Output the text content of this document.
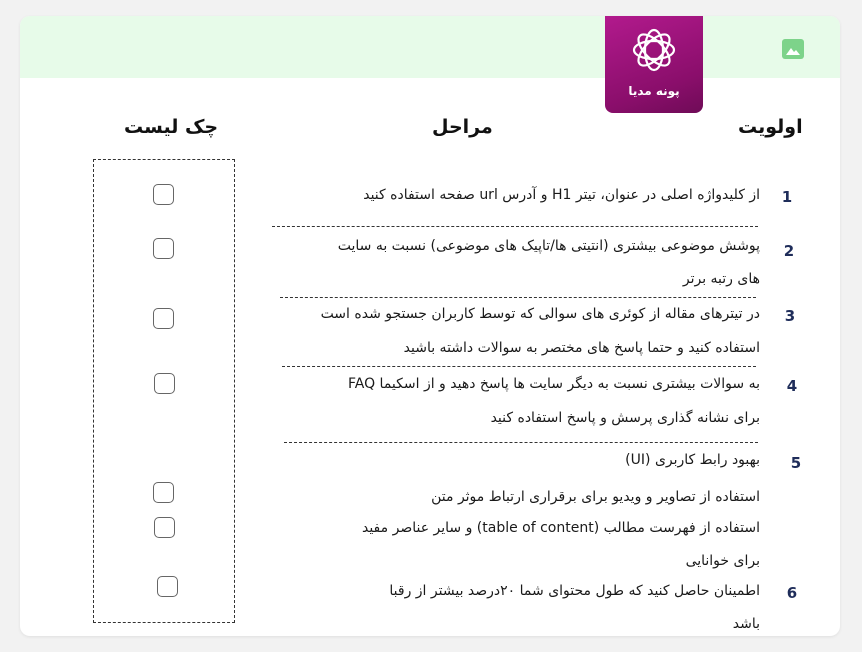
پونه مدیا
اولویت
مراحل
چک لیست
1
از کلیدواژه اصلی در عنوان، تیتر H1 و آدرس url صفحه استفاده کنید
2
پوشش موضوعی بیشتری (انتیتی ها/تاپیک های موضوعی) نسبت به سایت
های رتبه برتر
3
در تیترهای مقاله از کوئری های سوالی که توسط کاربران جستجو شده است
استفاده کنید و حتما پاسخ های مختصر به سوالات داشته باشید
4
به سوالات بیشتری نسبت به دیگر سایت ها پاسخ دهید و از اسکیما FAQ
برای نشانه گذاری پرسش و پاسخ استفاده کنید
5
بهبود رابط کاربری (UI)
استفاده از تصاویر و ویدیو برای برقراری ارتباط موثر متن
استفاده از فهرست مطالب (table of content) و سایر عناصر مفید
برای خوانایی
6
اطمینان حاصل کنید که طول محتوای شما ۲۰درصد بیشتر از رقبا
باشد
